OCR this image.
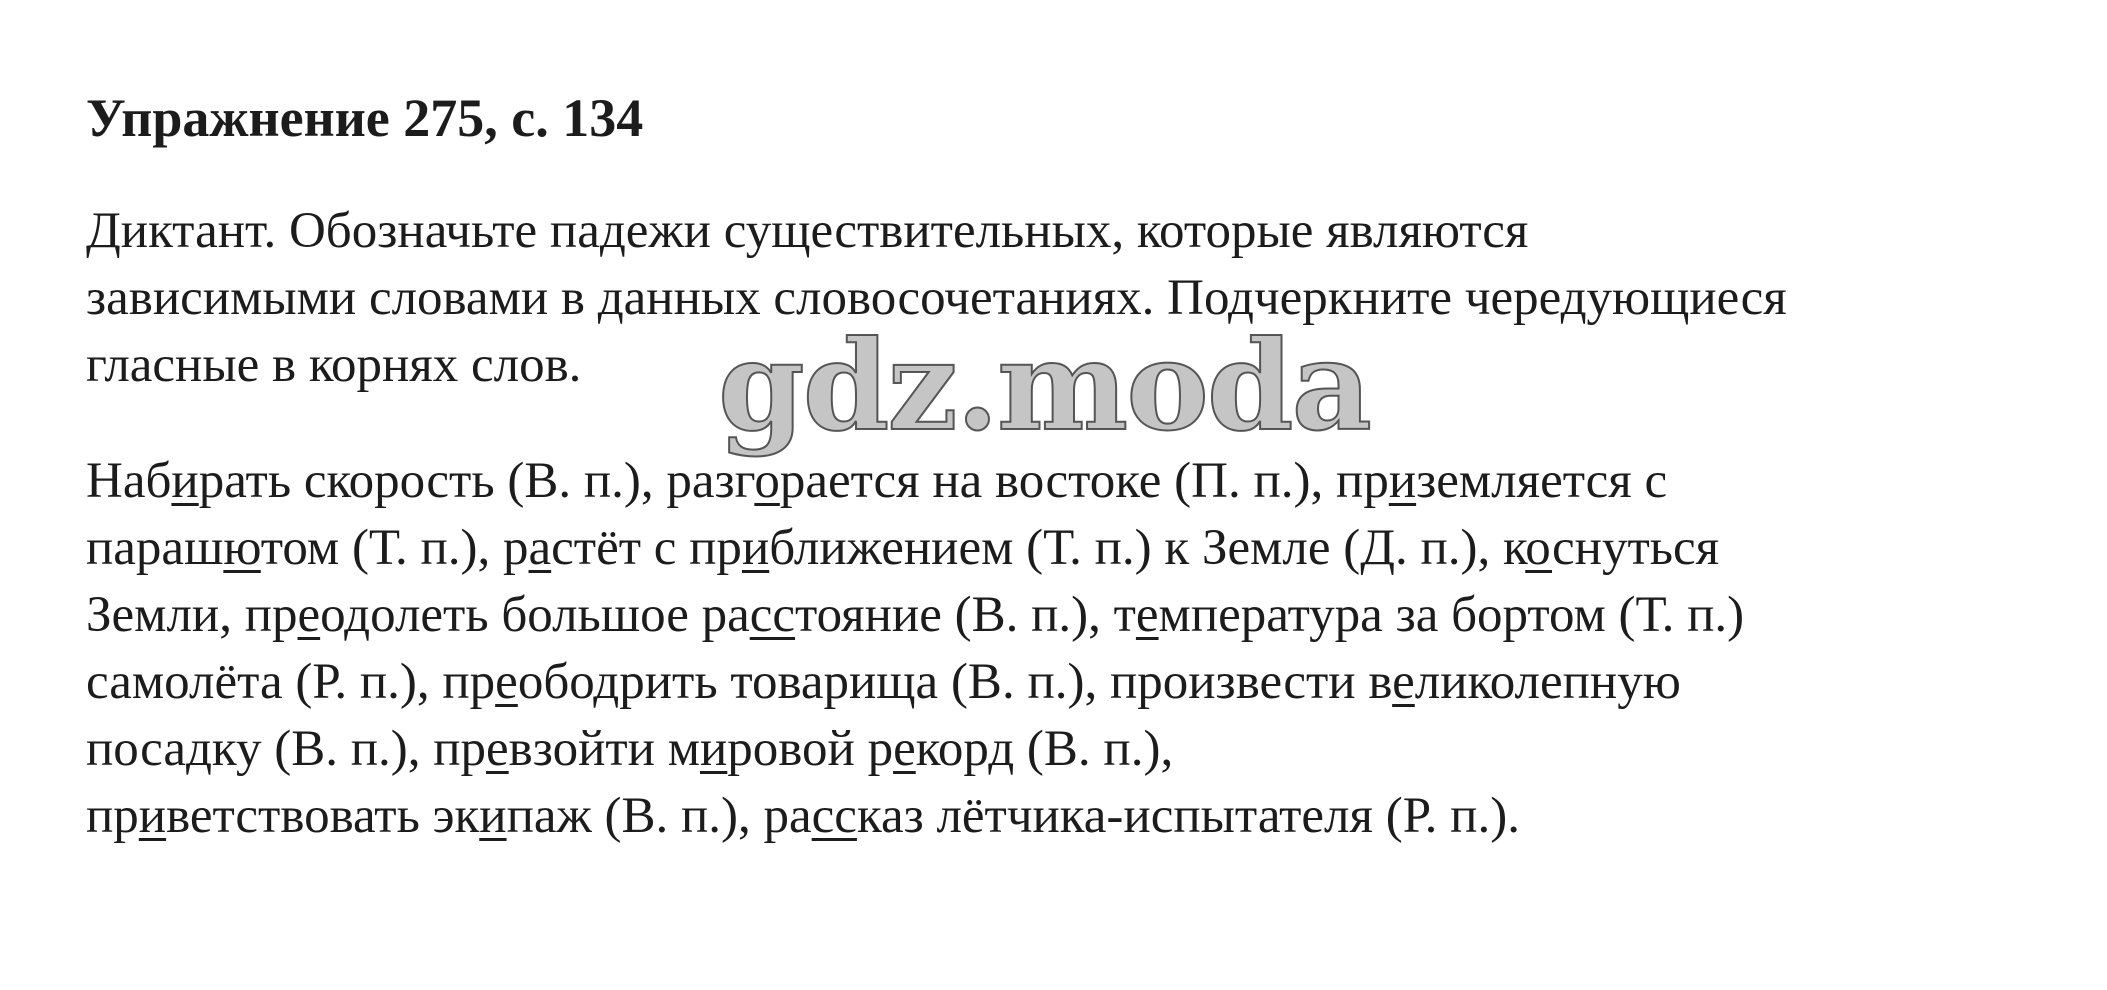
Упражнение 275, с. 134

Диктант. Обозначьте падежи существительных, которые являются
зависимыми словами в данных словосочетаниях. Подчеркните чередующиеся
гласные в корнях слов.

Набирать скорость (В. п.), разгорается на востоке (П. п.), приземляется с
парашютом (Т. п.), растёт с приближением (Т. п.) к Земле (Д. п.), коснуться
Земли, преодолеть большое расстояние (В. п.), температура за бортом (Т. п.)
самолёта (Р. п.), преободрить товарища (В. п.), произвести великолепную
посадку (В. п.), превзойти мировой рекорд (В. п.),
приветствовать экипаж (В. п.), рассказ лётчика-испытателя (Р. п.).

gdz.moda
